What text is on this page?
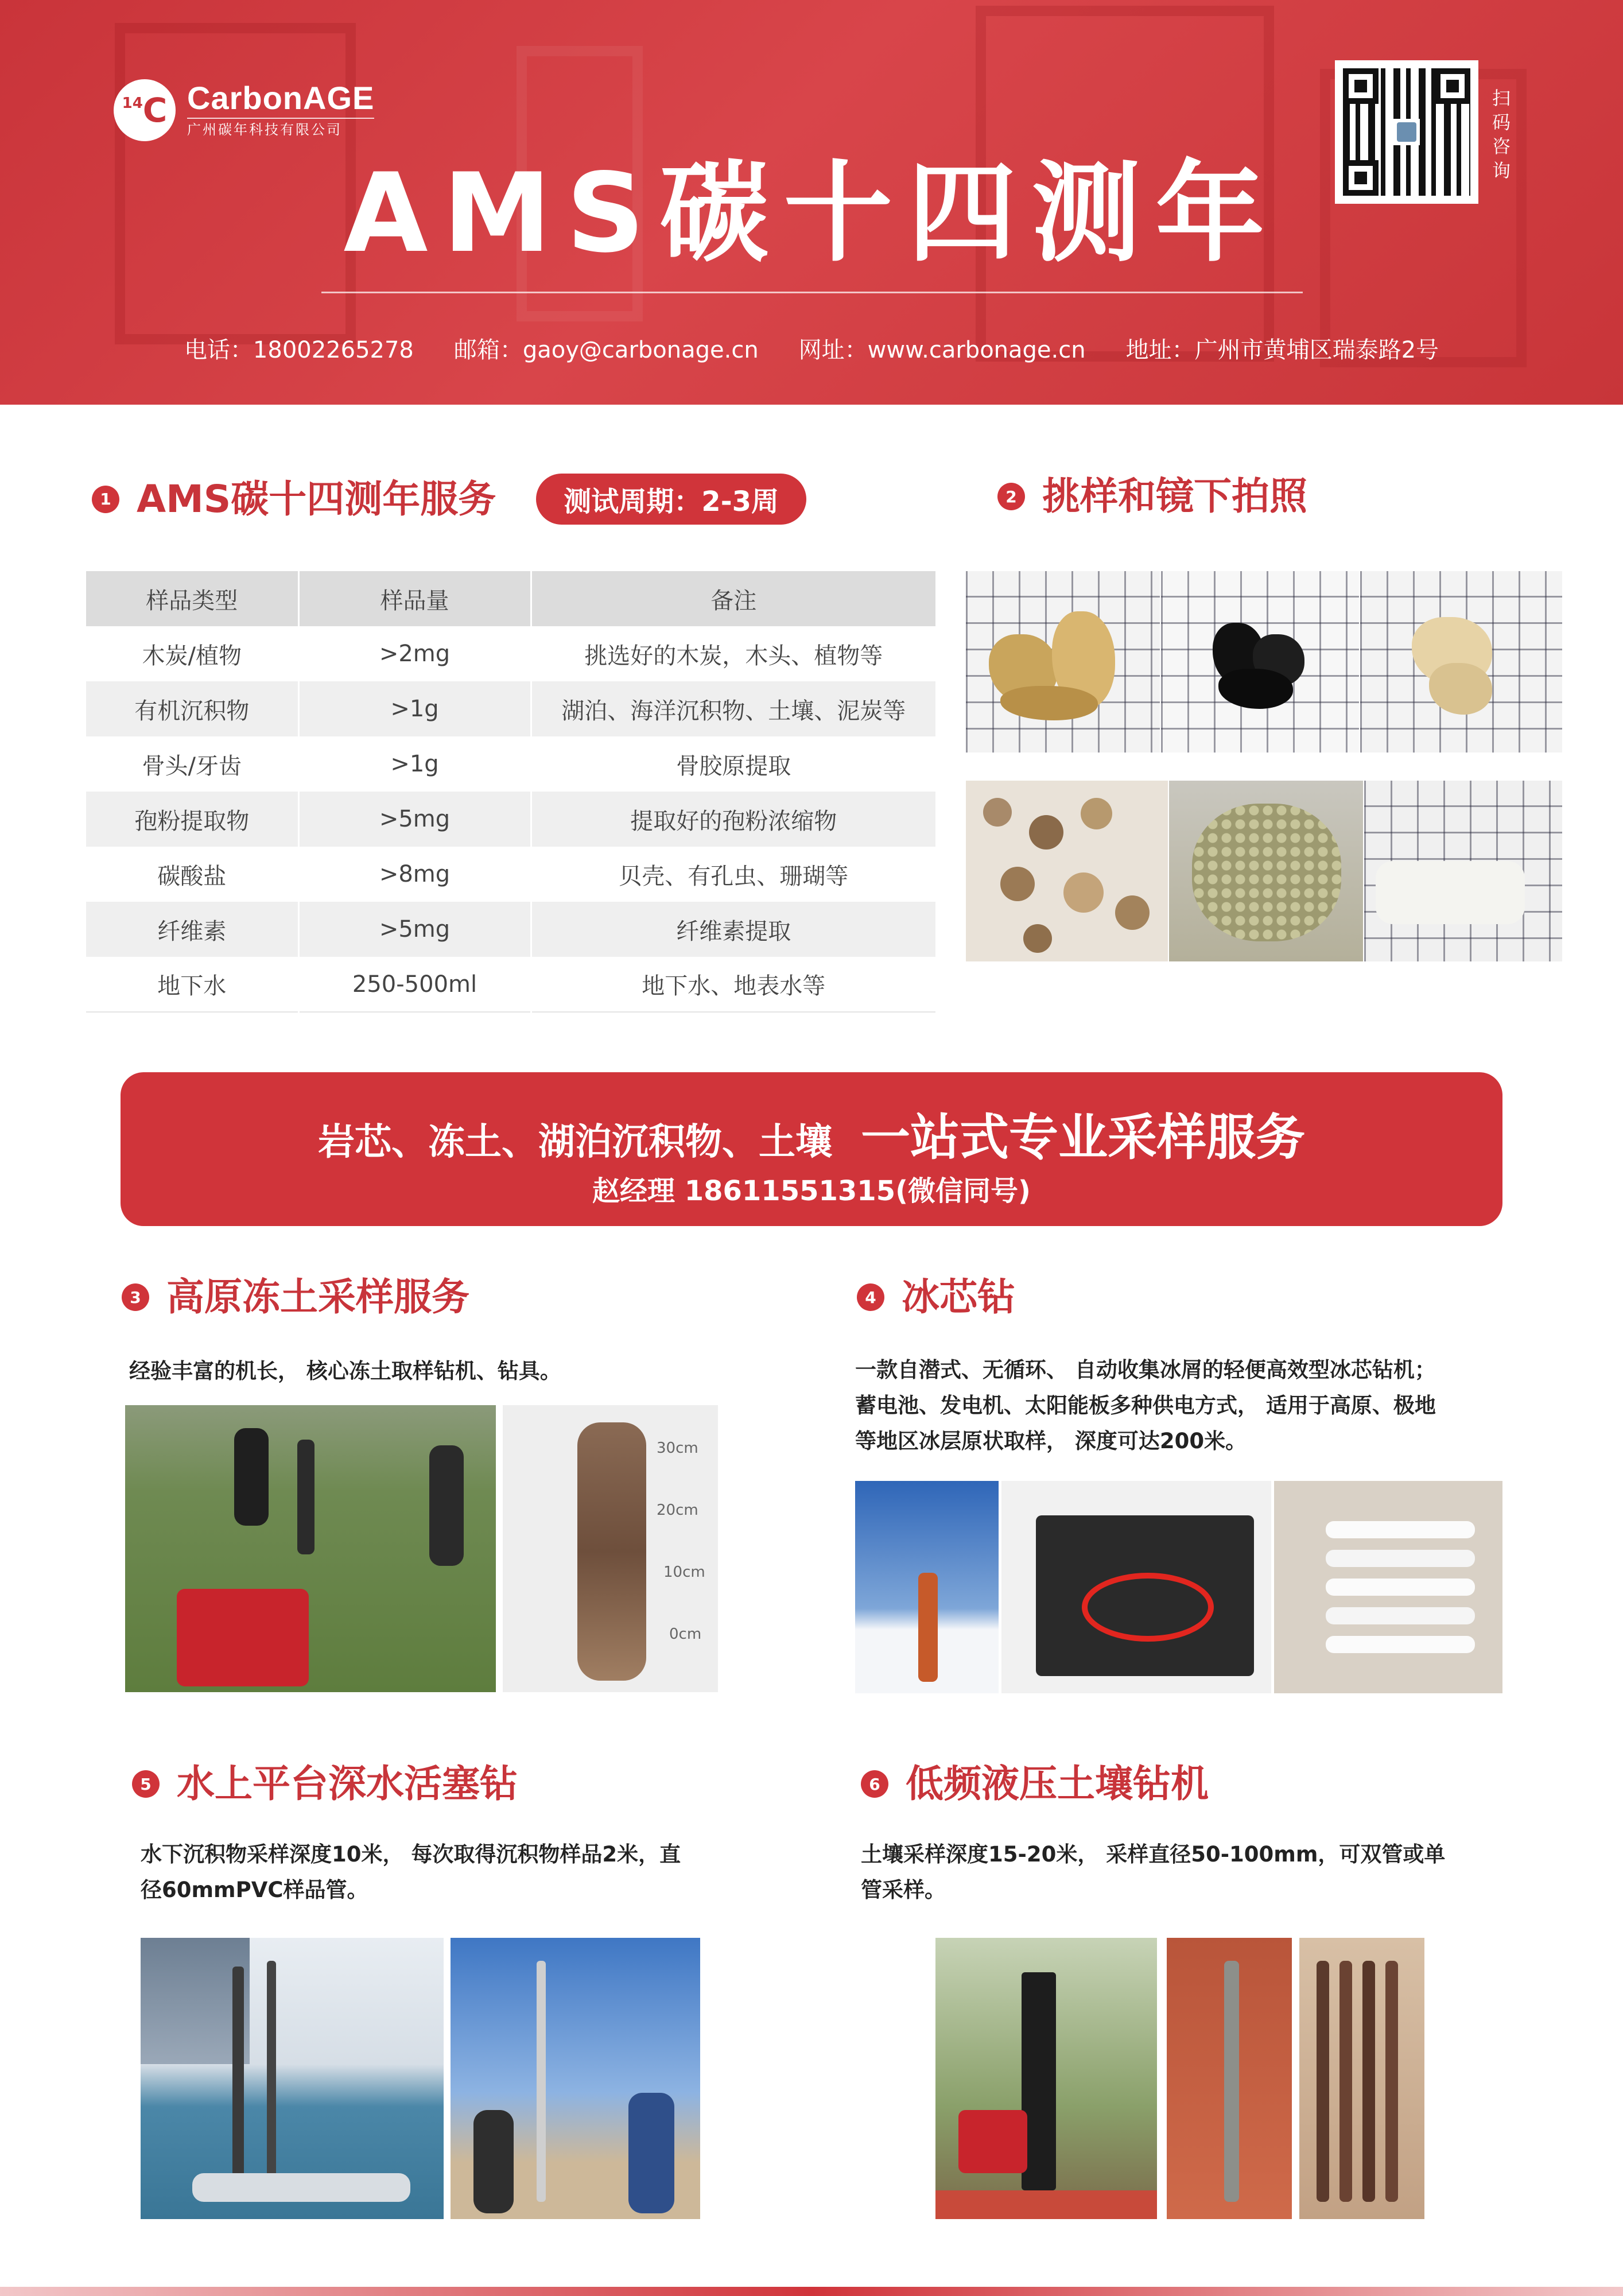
14 C CarbonAGE
广州碳年科技有限公司
AMS碳十四测年
电话：18002265278 邮箱：gaoy@carbonage.cn 网址：www.carbonage.cn 地址：广州市黄埔区瑞泰路2号
扫码咨询
1 AMS碳十四测年服务	测试周期：2-3周
样品类型	样品量	备注
木炭/植物	>2mg	挑选好的木炭，木头、植物等
有机沉积物	>1g	湖泊、海洋沉积物、土壤、泥炭等
骨头/牙齿	>1g	骨胶原提取
孢粉提取物	>5mg	提取好的孢粉浓缩物
碳酸盐	>8mg	贝壳、有孔虫、珊瑚等
纤维素	>5mg	纤维素提取
地下水	250-500ml	地下水、地表水等
2 挑样和镜下拍照
岩芯、冻土、湖泊沉积物、土壤 一站式专业采样服务
赵经理 18611551315(微信同号)
3 高原冻土采样服务
经验丰富的机长， 核心冻土取样钻机、钻具。
30cm
20cm
10cm
0cm
4 冰芯钻
一款自潜式、无循环、 自动收集冰屑的轻便高效型冰芯钻机；
蓄电池、发电机、太阳能板多种供电方式， 适用于高原、极地
等地区冰层原状取样， 深度可达200米。
5 水上平台深水活塞钻
水下沉积物采样深度10米， 每次取得沉积物样品2米，直
径60mmPVC样品管。
6 低频液压土壤钻机
土壤采样深度15-20米， 采样直径50-100mm，可双管或单
管采样。
